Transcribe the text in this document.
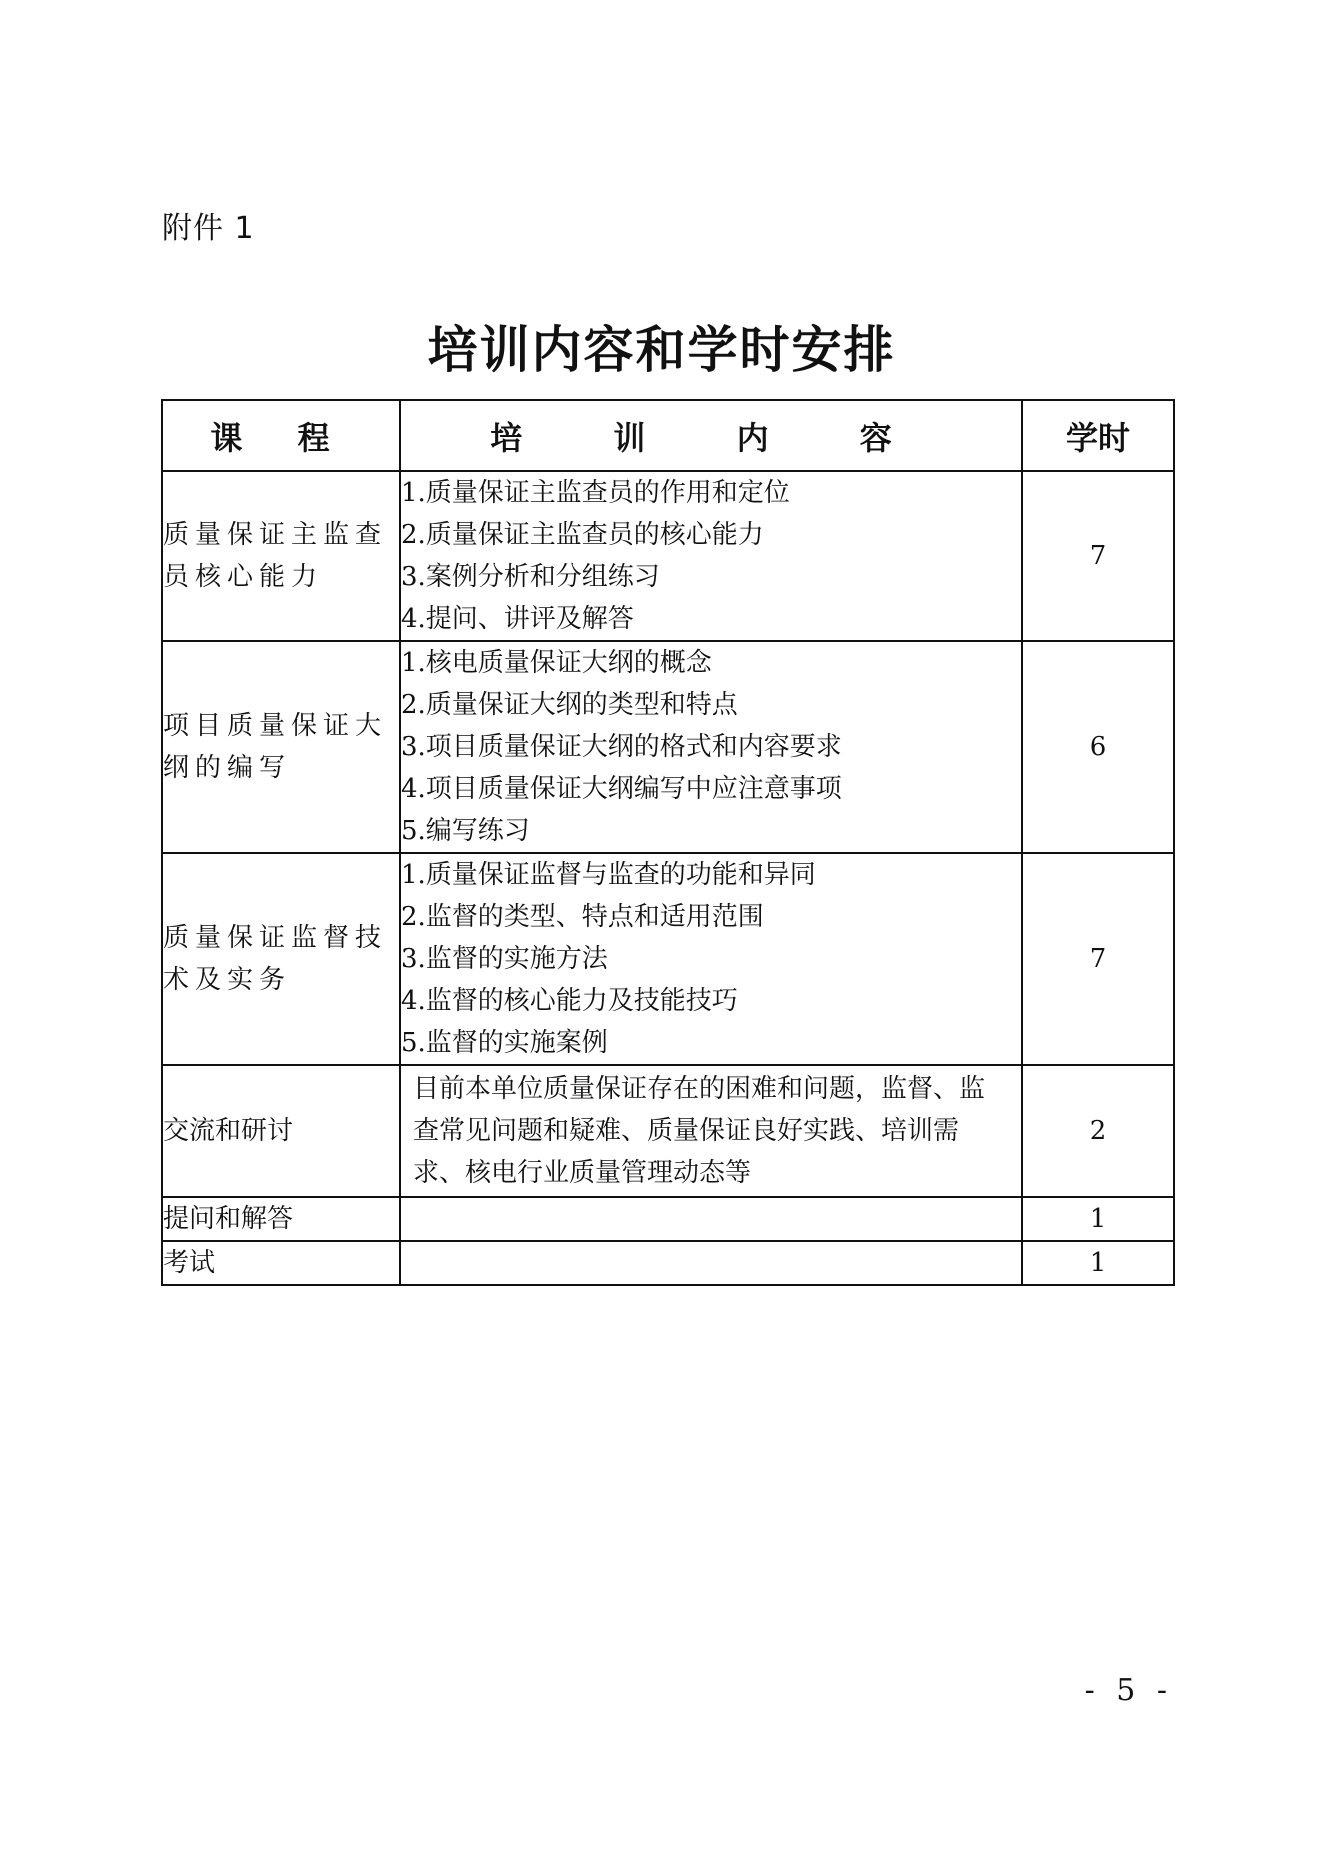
附件 1
培训内容和学时安排
课 程	培 训 内 容	学时
质量保证主监查员核心能力	1.质量保证主监查员的作用和定位
2.质量保证主监查员的核心能力
3.案例分析和分组练习
4.提问、讲评及解答	7
项目质量保证大纲的编写	1.核电质量保证大纲的概念
2.质量保证大纲的类型和特点
3.项目质量保证大纲的格式和内容要求
4.项目质量保证大纲编写中应注意事项
5.编写练习	6
质量保证监督技术及实务	1.质量保证监督与监查的功能和异同
2.监督的类型、特点和适用范围
3.监督的实施方法
4.监督的核心能力及技能技巧
5.监督的实施案例	7
交流和研讨	目前本单位质量保证存在的困难和问题，监督、监查常见问题和疑难、质量保证良好实践、培训需求、核电行业质量管理动态等	2
提问和解答		1
考试		1
- 5 -
